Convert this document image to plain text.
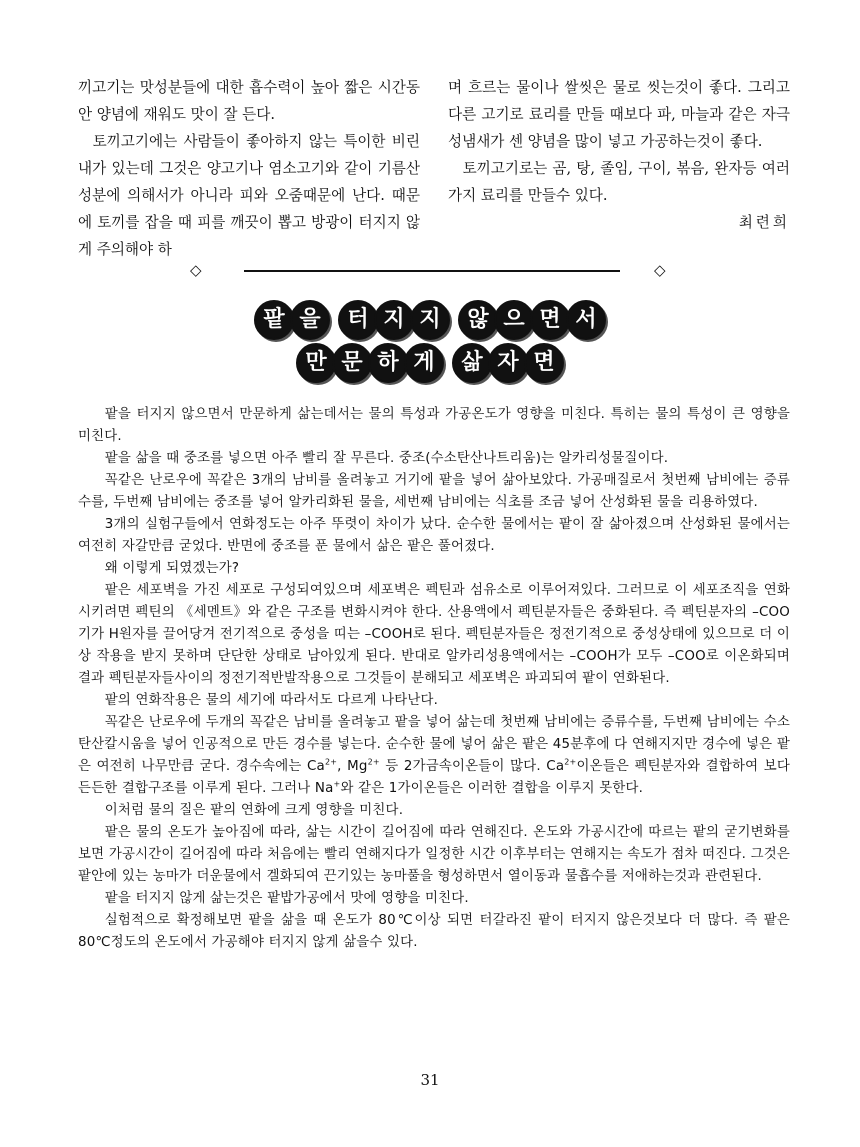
끼고기는 맛성분들에 대한 흡수력이 높아 짧은 시간동안 양념에 재워도 맛이 잘 든다.

토끼고기에는 사람들이 좋아하지 않는 특이한 비린내가 있는데 그것은 양고기나 염소고기와 같이 기름산성분에 의해서가 아니라 피와 오줌때문에 난다. 때문에 토끼를 잡을 때 피를 깨끗이 뽑고 방광이 터지지 않게 주의해야 하

며 흐르는 물이나 쌀씻은 물로 씻는것이 좋다. 그리고 다른 고기로 료리를 만들 때보다 파, 마늘과 같은 자극성냄새가 센 양념을 많이 넣고 가공하는것이 좋다.

토끼고기로는 곰, 탕, 졸임, 구이, 볶음, 완자등 여러가지 료리를 만들수 있다.

최련희

◇	◇
팥 을 터 지 지 않 으 면 서
만 문 하 게 삶 자 면

팥을 터지지 않으면서 만문하게 삶는데서는 물의 특성과 가공온도가 영향을 미친다. 특히는 물의 특성이 큰 영향을 미친다.

팥을 삶을 때 중조를 넣으면 아주 빨리 잘 무른다. 중조(수소탄산나트리움)는 알카리성물질이다.

꼭같은 난로우에 꼭같은 3개의 남비를 올려놓고 거기에 팥을 넣어 삶아보았다. 가공매질로서 첫번째 남비에는 증류수를, 두번째 남비에는 중조를 넣어 알카리화된 물을, 세번째 남비에는 식초를 조금 넣어 산성화된 물을 리용하였다.

3개의 실험구들에서 연화정도는 아주 뚜렷이 차이가 났다. 순수한 물에서는 팥이 잘 삶아졌으며 산성화된 물에서는 여전히 자갈만큼 굳었다. 반면에 중조를 푼 물에서 삶은 팥은 풀어졌다.

왜 이렇게 되였겠는가?

팥은 세포벽을 가진 세포로 구성되여있으며 세포벽은 펙틴과 섬유소로 이루어져있다. 그러므로 이 세포조직을 연화시키려면 펙틴의 《세멘트》와 같은 구조를 변화시켜야 한다. 산용액에서 펙틴분자들은 중화된다. 즉 펙틴분자의 –COO기가 H원자를 끌어당겨 전기적으로 중성을 띠는 –COOH로 된다. 펙틴분자들은 정전기적으로 중성상태에 있으므로 더 이상 작용을 받지 못하며 단단한 상태로 남아있게 된다. 반대로 알카리성용액에서는 –COOH가 모두 –COO로 이온화되며 결과 펙틴분자들사이의 정전기적반발작용으로 그것들이 분해되고 세포벽은 파괴되여 팥이 연화된다.

팥의 연화작용은 물의 세기에 따라서도 다르게 나타난다.

꼭같은 난로우에 두개의 꼭같은 남비를 올려놓고 팥을 넣어 삶는데 첫번째 남비에는 증류수를, 두번째 남비에는 수소탄산칼시움을 넣어 인공적으로 만든 경수를 넣는다. 순수한 물에 넣어 삶은 팥은 45분후에 다 연해지지만 경수에 넣은 팥은 여전히 나무만큼 굳다. 경수속에는 $Ca^{2+}$, $Mg^{2+}$ 등 2가금속이온들이 많다. $Ca^{2+}$이온들은 펙틴분자와 결합하여 보다 든든한 결합구조를 이루게 된다. 그러나 Na+와 같은 1가이온들은 이러한 결합을 이루지 못한다.

이처럼 물의 질은 팥의 연화에 크게 영향을 미친다.

팥은 물의 온도가 높아짐에 따라, 삶는 시간이 길어짐에 따라 연해진다. 온도와 가공시간에 따르는 팥의 굳기변화를 보면 가공시간이 길어짐에 따라 처음에는 빨리 연해지다가 일정한 시간 이후부터는 연해지는 속도가 점차 떠진다. 그것은 팥안에 있는 농마가 더운물에서 겔화되여 끈기있는 농마풀을 형성하면서 열이동과 물흡수를 저애하는것과 관련된다.

팥을 터지지 않게 삶는것은 팥밥가공에서 맛에 영향을 미친다.

실험적으로 확정해보면 팥을 삶을 때 온도가 80℃이상 되면 터갈라진 팥이 터지지 않은것보다 더 많다. 즉 팥은 80℃정도의 온도에서 가공해야 터지지 않게 삶을수 있다.

31
